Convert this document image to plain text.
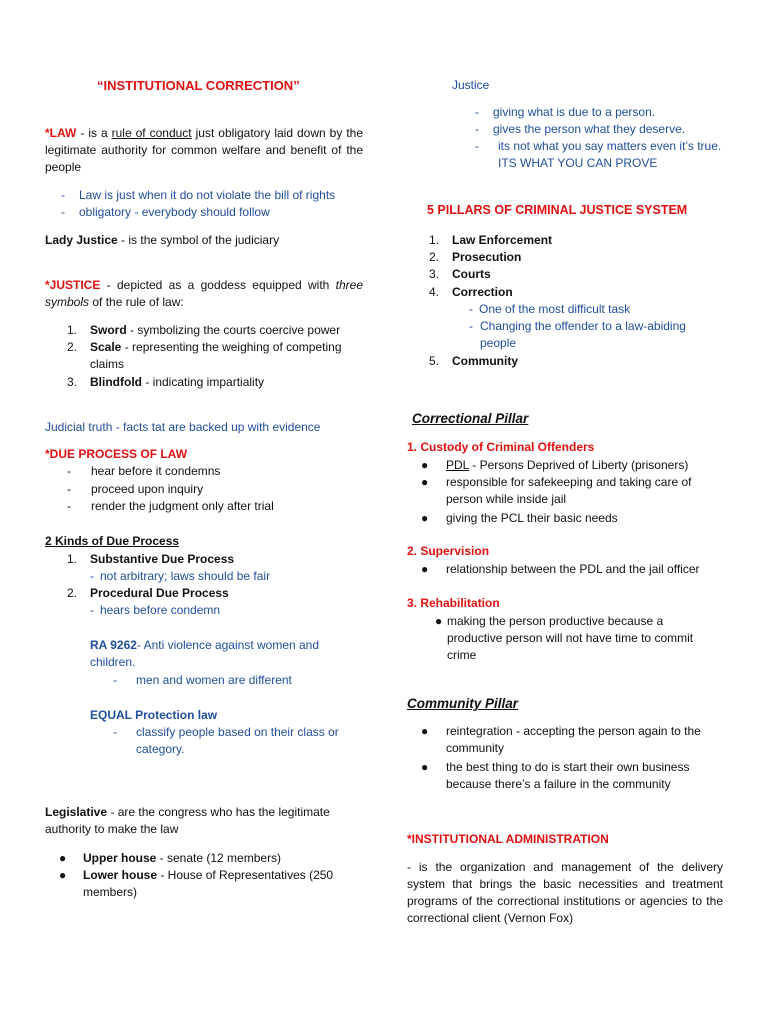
“INSTITUTIONAL CORRECTION”
*LAW - is a rule of conduct just obligatory laid down by the legitimate authority for common welfare and benefit of the people
- Law is just when it do not violate the bill of rights
- obligatory - everybody should follow
Lady Justice - is the symbol of the judiciary
*JUSTICE - depicted as a goddess equipped with three symbols of the rule of law:
1. Sword - symbolizing the courts coercive power
2. Scale - representing the weighing of competing claims
3. Blindfold - indicating impartiality
Judicial truth - facts tat are backed up with evidence
*DUE PROCESS OF LAW
- hear before it condemns
- proceed upon inquiry
- render the judgment only after trial
2 Kinds of Due Process
1. Substantive Due Process
- not arbitrary; laws should be fair
2. Procedural Due Process
- hears before condemn
RA 9262- Anti violence against women and children.
- men and women are different
EQUAL Protection law
- classify people based on their class or category.
Legislative - are the congress who has the legitimate authority to make the law
● Upper house - senate (12 members)
● Lower house - House of Representatives (250 members)
Justice
- giving what is due to a person.
- gives the person what they deserve.
- its not what you say matters even it’s true. ITS WHAT YOU CAN PROVE
5 PILLARS OF CRIMINAL JUSTICE SYSTEM
1. Law Enforcement
2. Prosecution
3. Courts
4. Correction
- One of the most difficult task
- Changing the offender to a law-abiding people
5. Community
Correctional Pillar
1. Custody of Criminal Offenders
● PDL - Persons Deprived of Liberty (prisoners)
● responsible for safekeeping and taking care of person while inside jail
● giving the PCL their basic needs
2. Supervision
● relationship between the PDL and the jail officer
3. Rehabilitation
● making the person productive because a productive person will not have time to commit crime
Community Pillar
● reintegration - accepting the person again to the community
● the best thing to do is start their own business because there’s a failure in the community
*INSTITUTIONAL ADMINISTRATION
- is the organization and management of the delivery system that brings the basic necessities and treatment programs of the correctional institutions or agencies to the correctional client (Vernon Fox)
